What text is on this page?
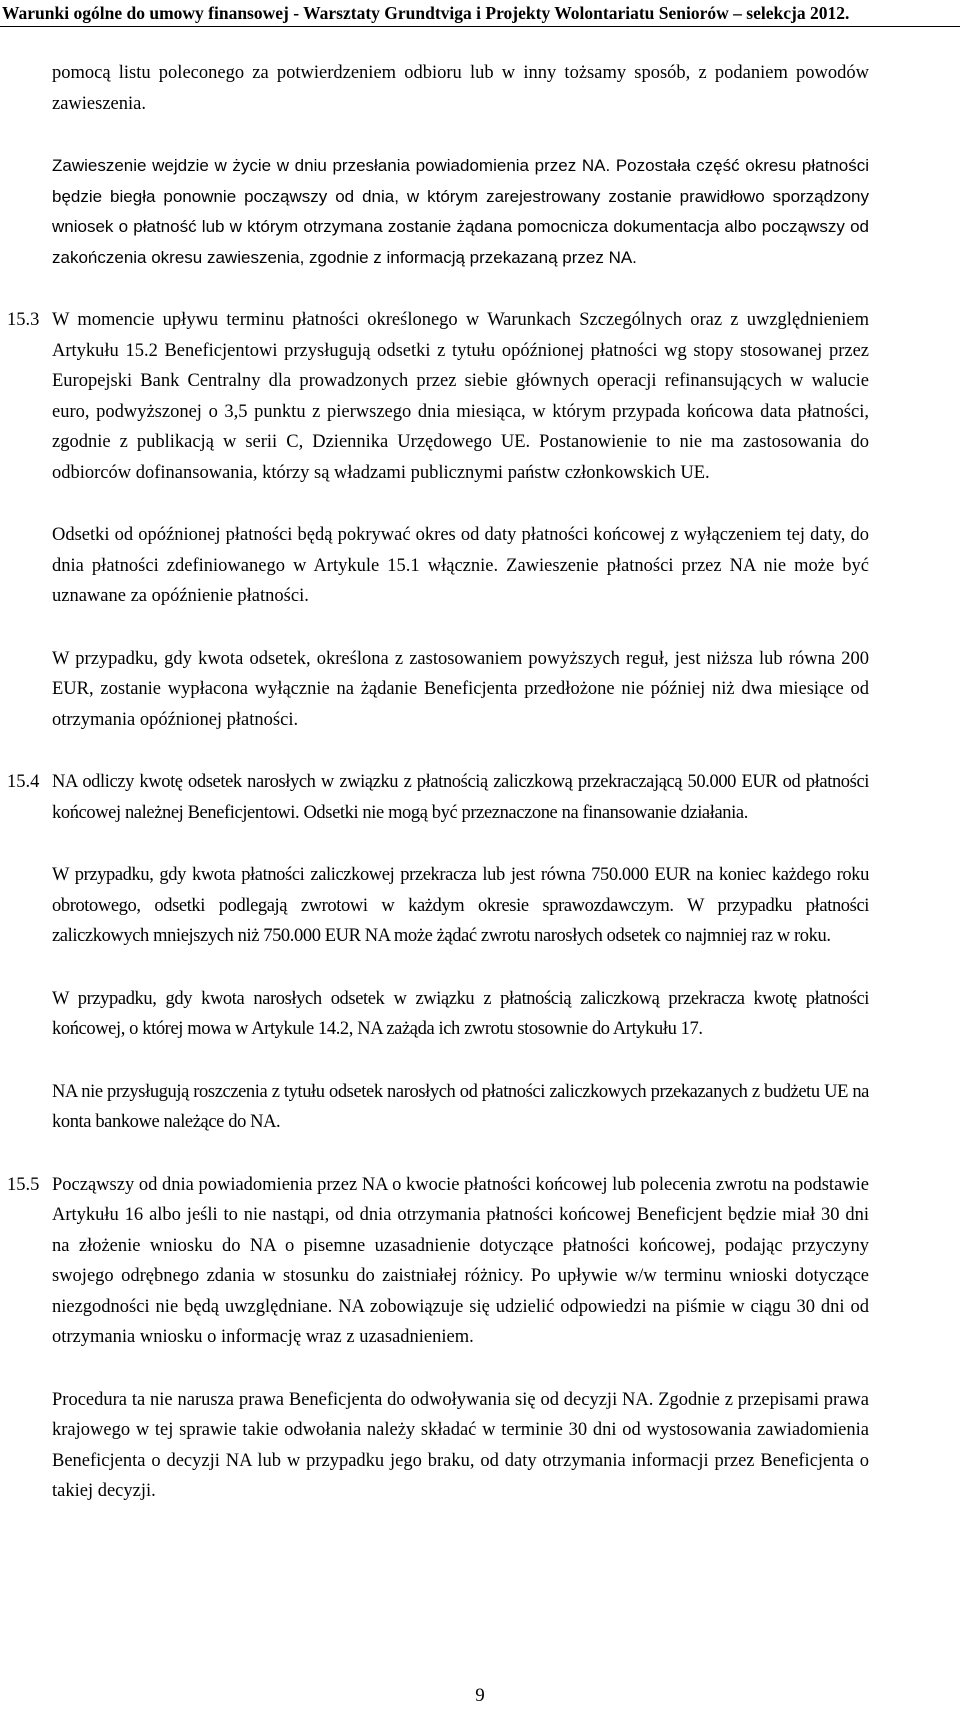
Warunki ogólne do umowy finansowej - Warsztaty Grundtviga i Projekty Wolontariatu Seniorów – selekcja 2012.

pomocą listu poleconego za potwierdzeniem odbioru lub w inny tożsamy sposób, z podaniem powodów zawieszenia.

Zawieszenie wejdzie w życie w dniu przesłania powiadomienia przez NA. Pozostała część okresu płatności będzie biegła ponownie począwszy od dnia, w którym zarejestrowany zostanie prawidłowo sporządzony wniosek o płatność lub w którym otrzymana zostanie żądana pomocnicza dokumentacja albo począwszy od zakończenia okresu zawieszenia, zgodnie z informacją przekazaną przez NA.

15.3 W momencie upływu terminu płatności określonego w Warunkach Szczególnych oraz z uwzględnieniem Artykułu 15.2 Beneficjentowi przysługują odsetki z tytułu opóźnionej płatności wg stopy stosowanej przez Europejski Bank Centralny dla prowadzonych przez siebie głównych operacji refinansujących w walucie euro, podwyższonej o 3,5 punktu z pierwszego dnia miesiąca, w którym przypada końcowa data płatności, zgodnie z publikacją w serii C, Dziennika Urzędowego UE. Postanowienie to nie ma zastosowania do odbiorców dofinansowania, którzy są władzami publicznymi państw członkowskich UE.

Odsetki od opóźnionej płatności będą pokrywać okres od daty płatności końcowej z wyłączeniem tej daty, do dnia płatności zdefiniowanego w Artykule 15.1 włącznie. Zawieszenie płatności przez NA nie może być uznawane za opóźnienie płatności.

W przypadku, gdy kwota odsetek, określona z zastosowaniem powyższych reguł, jest niższa lub równa 200 EUR, zostanie wypłacona wyłącznie na żądanie Beneficjenta przedłożone nie później niż dwa miesiące od otrzymania opóźnionej płatności.

15.4 NA odliczy kwotę odsetek narosłych w związku z płatnością zaliczkową przekraczającą 50.000 EUR od płatności końcowej należnej Beneficjentowi. Odsetki nie mogą być przeznaczone na finansowanie działania.

W przypadku, gdy kwota płatności zaliczkowej przekracza lub jest równa 750.000 EUR na koniec każdego roku obrotowego, odsetki podlegają zwrotowi w każdym okresie sprawozdawczym. W przypadku płatności zaliczkowych mniejszych niż 750.000 EUR NA może żądać zwrotu narosłych odsetek co najmniej raz w roku.

W przypadku, gdy kwota narosłych odsetek w związku z płatnością zaliczkową przekracza kwotę płatności końcowej, o której mowa w Artykule 14.2, NA zażąda ich zwrotu stosownie do Artykułu 17.

NA nie przysługują roszczenia z tytułu odsetek narosłych od płatności zaliczkowych przekazanych z budżetu UE na konta bankowe należące do NA.

15.5 Począwszy od dnia powiadomienia przez NA o kwocie płatności końcowej lub polecenia zwrotu na podstawie Artykułu 16 albo jeśli to nie nastąpi, od dnia otrzymania płatności końcowej Beneficjent będzie miał 30 dni na złożenie wniosku do NA o pisemne uzasadnienie dotyczące płatności końcowej, podając przyczyny swojego odrębnego zdania w stosunku do zaistniałej różnicy. Po upływie w/w terminu wnioski dotyczące niezgodności nie będą uwzględniane. NA zobowiązuje się udzielić odpowiedzi na piśmie w ciągu 30 dni od otrzymania wniosku o informację wraz z uzasadnieniem.

Procedura ta nie narusza prawa Beneficjenta do odwoływania się od decyzji NA. Zgodnie z przepisami prawa krajowego w tej sprawie takie odwołania należy składać w terminie 30 dni od wystosowania zawiadomienia Beneficjenta o decyzji NA lub w przypadku jego braku, od daty otrzymania informacji przez Beneficjenta o takiej decyzji.

9
